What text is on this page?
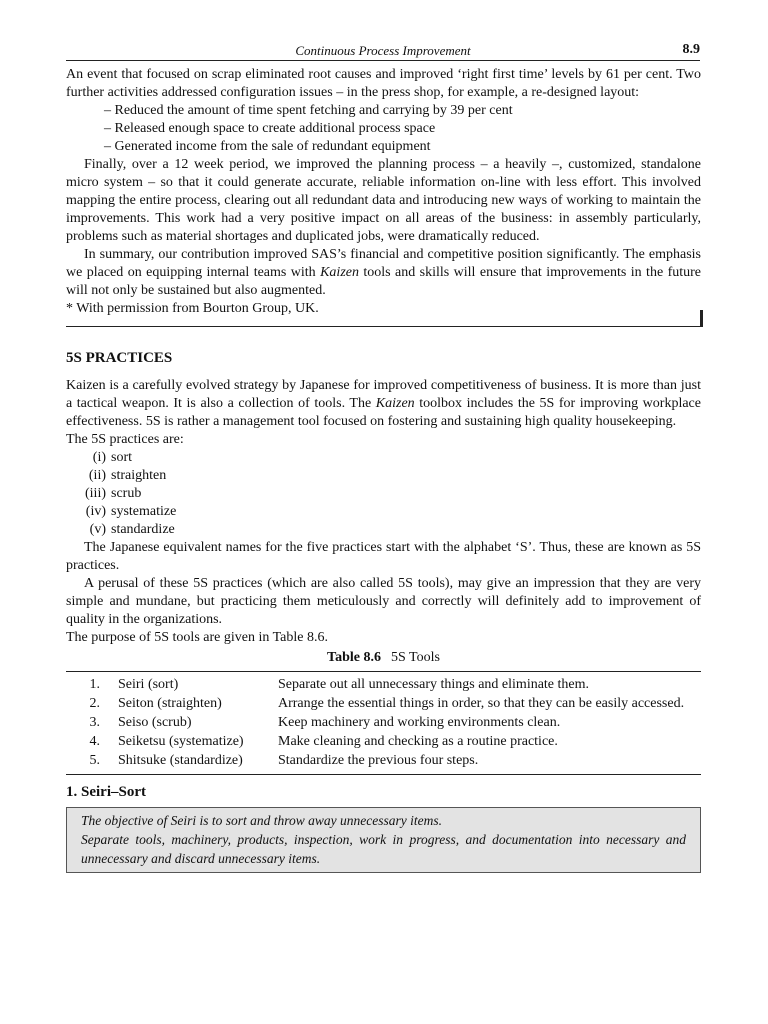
Continuous Process Improvement	8.9

An event that focused on scrap eliminated root causes and improved ‘right first time’ levels by 61 per cent. Two further activities addressed configuration issues – in the press shop, for example, a re-designed layout:

– Reduced the amount of time spent fetching and carrying by 39 per cent
– Released enough space to create additional process space
– Generated income from the sale of redundant equipment

Finally, over a 12 week period, we improved the planning process – a heavily –, customized, standalone micro system – so that it could generate accurate, reliable information on-line with less effort. This involved mapping the entire process, clearing out all redundant data and introducing new ways of working to maintain the improvements. This work had a very positive impact on all areas of the business: in assembly particularly, problems such as material shortages and duplicated jobs, were dramatically reduced.

In summary, our contribution improved SAS’s financial and competitive position significantly. The emphasis we placed on equipping internal teams with Kaizen tools and skills will ensure that improvements in the future will not only be sustained but also augmented.

* With permission from Bourton Group, UK.

5S PRACTICES

Kaizen is a carefully evolved strategy by Japanese for improved competitiveness of business. It is more than just a tactical weapon. It is also a collection of tools. The Kaizen toolbox includes the 5S for improving workplace effectiveness. 5S is rather a management tool focused on fostering and sustaining high quality housekeeping.

The 5S practices are:

(i) sort
(ii) straighten
(iii) scrub
(iv) systematize
(v) standardize

The Japanese equivalent names for the five practices start with the alphabet ‘S’. Thus, these are known as 5S practices.

A perusal of these 5S practices (which are also called 5S tools), may give an impression that they are very simple and mundane, but practicing them meticulously and correctly will definitely add to improvement of quality in the organizations.

The purpose of 5S tools are given in Table 8.6.

Table 8.6 5S Tools
1.	Seiri (sort)	Separate out all unnecessary things and eliminate them.
2.	Seiton (straighten)	Arrange the essential things in order, so that they can be easily accessed.
3.	Seiso (scrub)	Keep machinery and working environments clean.
4.	Seiketsu (systematize)	Make cleaning and checking as a routine practice.
5.	Shitsuke (standardize)	Standardize the previous four steps.
1. Seiri–Sort

The objective of Seiri is to sort and throw away unnecessary items.

Separate tools, machinery, products, inspection, work in progress, and documentation into necessary and unnecessary and discard unnecessary items.
